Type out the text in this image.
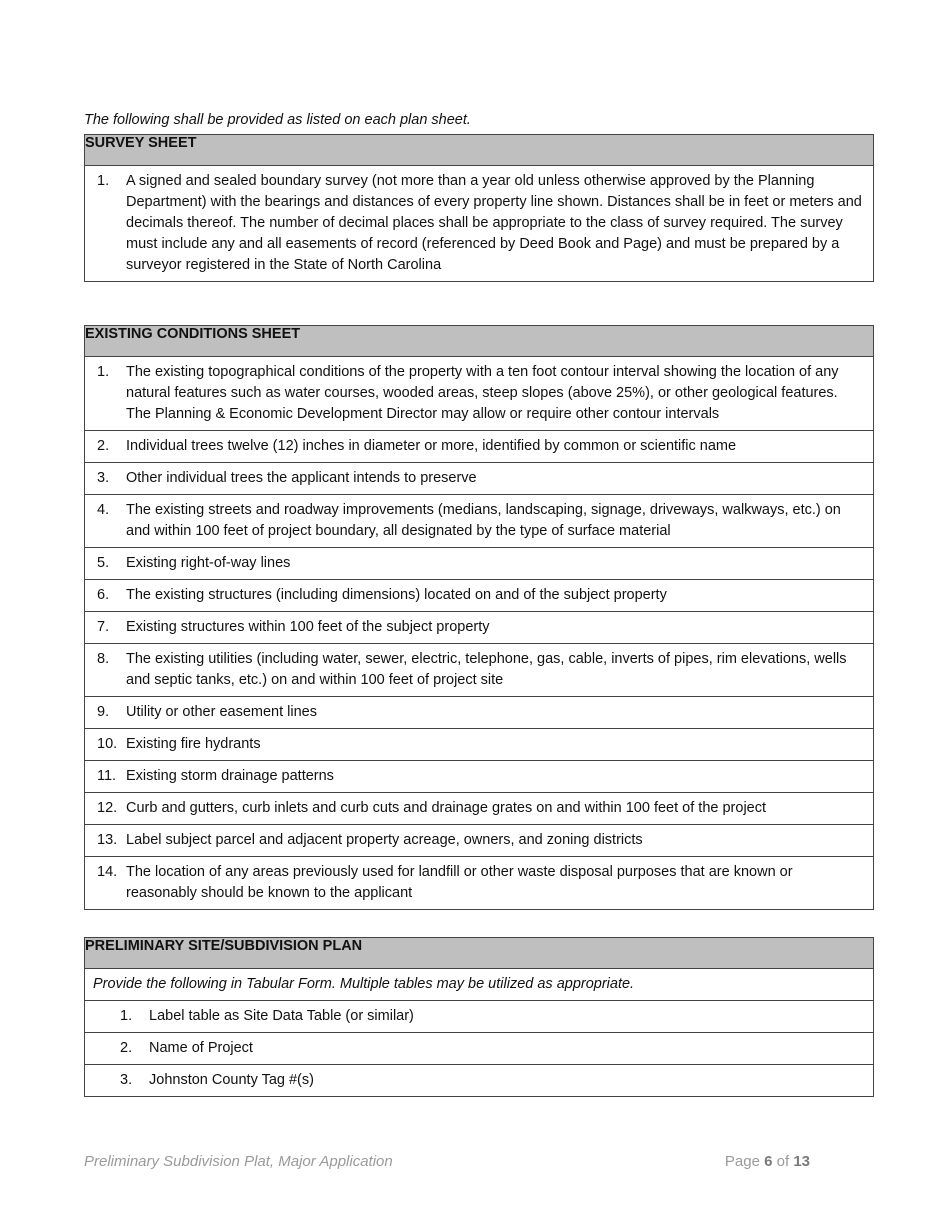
The following shall be provided as listed on each plan sheet.
SURVEY SHEET

1.	A signed and sealed boundary survey (not more than a year old unless otherwise approved by the Planning Department) with the bearings and distances of every property line shown. Distances shall be in feet or meters and decimals thereof. The number of decimal places shall be appropriate to the class of survey required. The survey must include any and all easements of record (referenced by Deed Book and Page) and must be prepared by a surveyor registered in the State of North Carolina
EXISTING CONDITIONS SHEET

1.	The existing topographical conditions of the property with a ten foot contour interval showing the location of any natural features such as water courses, wooded areas, steep slopes (above 25%), or other geological features. The Planning & Economic Development Director may allow or require other contour intervals

2.	Individual trees twelve (12) inches in diameter or more, identified by common or scientific name

3.	Other individual trees the applicant intends to preserve

4.	The existing streets and roadway improvements (medians, landscaping, signage, driveways, walkways, etc.) on and within 100 feet of project boundary, all designated by the type of surface material

5.	Existing right-of-way lines

6.	The existing structures (including dimensions) located on and of the subject property

7.	Existing structures within 100 feet of the subject property

8.	The existing utilities (including water, sewer, electric, telephone, gas, cable, inverts of pipes, rim elevations, wells and septic tanks, etc.) on and within 100 feet of project site

9.	Utility or other easement lines

10. Existing fire hydrants

11. Existing storm drainage patterns

12. Curb and gutters, curb inlets and curb cuts and drainage grates on and within 100 feet of the project

13. Label subject parcel and adjacent property acreage, owners, and zoning districts

14. The location of any areas previously used for landfill or other waste disposal purposes that are known or reasonably should be known to the applicant
PRELIMINARY SITE/SUBDIVISION PLAN

Provide the following in Tabular Form. Multiple tables may be utilized as appropriate.

1.	Label table as Site Data Table (or similar)

2.	Name of Project

3.	Johnston County Tag #(s)
Preliminary Subdivision Plat, Major Application	Page 6 of 13
